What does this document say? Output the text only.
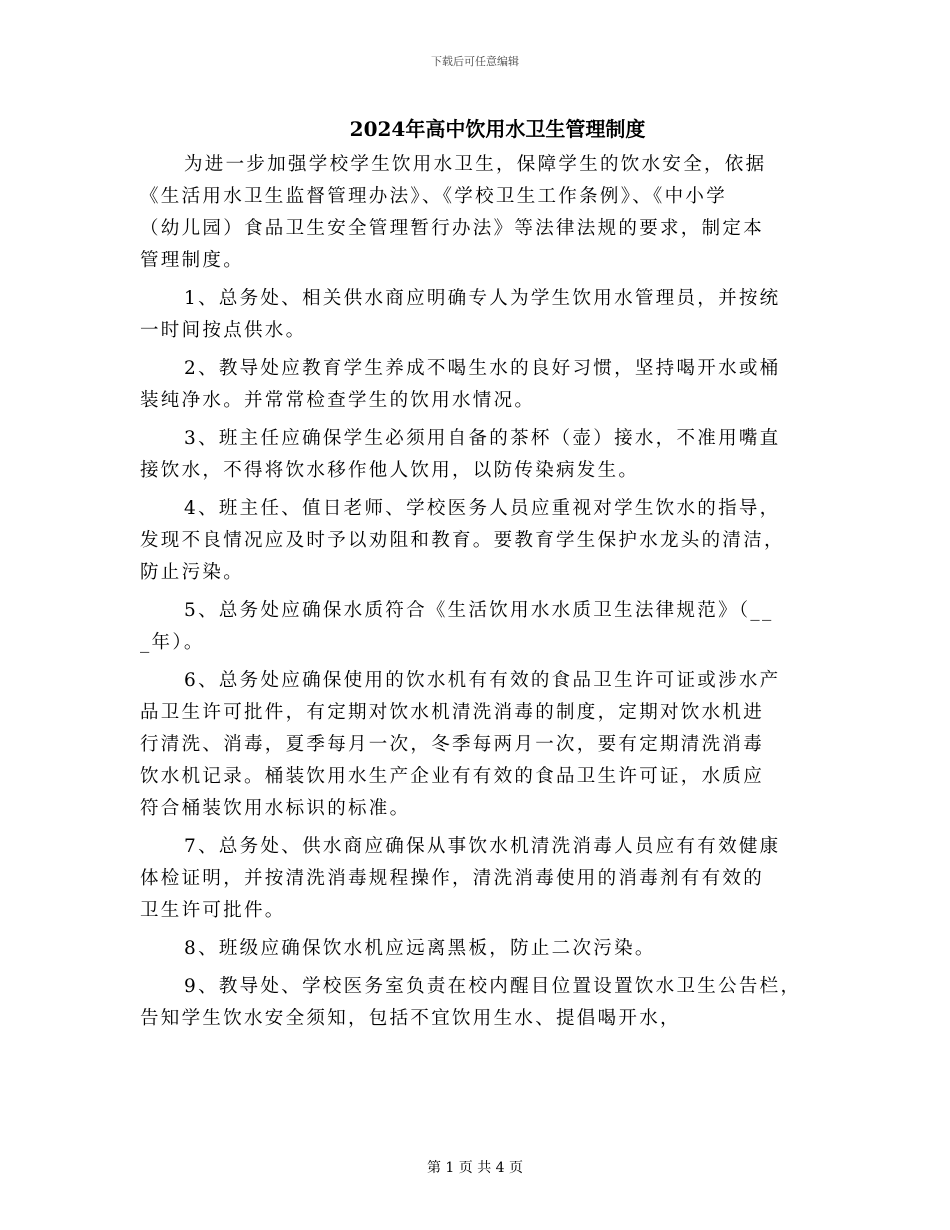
下载后可任意编辑
2024年高中饮用水卫生管理制度
为进一步加强学校学生饮用水卫生，保障学生的饮水安全，依据
《生活用水卫生监督管理办法》、《学校卫生工作条例》、《中小学
（幼儿园）食品卫生安全管理暂行办法》等法律法规的要求，制定本
管理制度。
1、总务处、相关供水商应明确专人为学生饮用水管理员，并按统
一时间按点供水。
2、教导处应教育学生养成不喝生水的良好习惯，坚持喝开水或桶
装纯净水。并常常检查学生的饮用水情况。
3、班主任应确保学生必须用自备的茶杯（壶）接水，不准用嘴直
接饮水，不得将饮水移作他人饮用，以防传染病发生。
4、班主任、值日老师、学校医务人员应重视对学生饮水的指导，
发现不良情况应及时予以劝阻和教育。要教育学生保护水龙头的清洁，
防止污染。
5、总务处应确保水质符合《生活饮用水水质卫生法律规范》（__
_年）。
6、总务处应确保使用的饮水机有有效的食品卫生许可证或涉水产
品卫生许可批件，有定期对饮水机清洗消毒的制度，定期对饮水机进
行清洗、消毒，夏季每月一次，冬季每两月一次，要有定期清洗消毒
饮水机记录。桶装饮用水生产企业有有效的食品卫生许可证，水质应
符合桶装饮用水标识的标准。
7、总务处、供水商应确保从事饮水机清洗消毒人员应有有效健康
体检证明，并按清洗消毒规程操作，清洗消毒使用的消毒剂有有效的
卫生许可批件。
8、班级应确保饮水机应远离黑板，防止二次污染。
9、教导处、学校医务室负责在校内醒目位置设置饮水卫生公告栏，
告知学生饮水安全须知，包括不宜饮用生水、提倡喝开水，
第 1 页 共 4 页
